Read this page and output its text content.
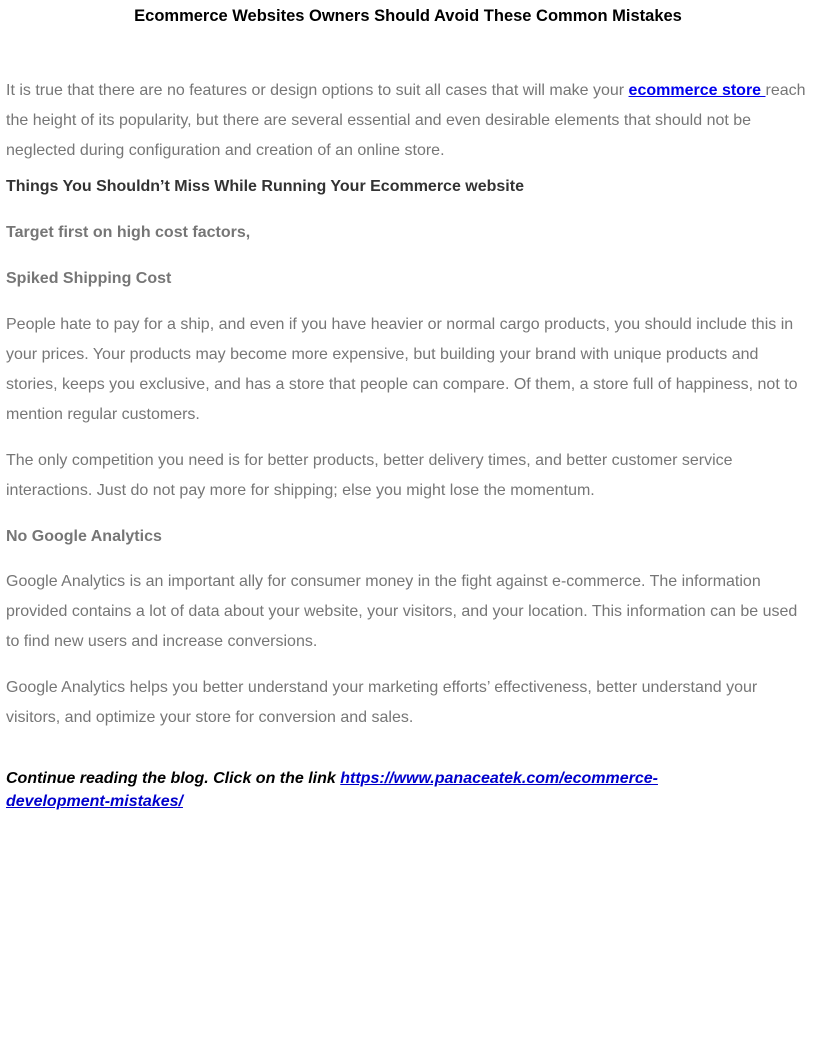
Ecommerce Websites Owners Should Avoid These Common Mistakes

It is true that there are no features or design options to suit all cases that will make your ecommerce store reach the height of its popularity, but there are several essential and even desirable elements that should not be neglected during configuration and creation of an online store.

Things You Shouldn’t Miss While Running Your Ecommerce website
Target first on high cost factors,
Spiked Shipping Cost

People hate to pay for a ship, and even if you have heavier or normal cargo products, you should include this in your prices. Your products may become more expensive, but building your brand with unique products and stories, keeps you exclusive, and has a store that people can compare. Of them, a store full of happiness, not to mention regular customers.

The only competition you need is for better products, better delivery times, and better customer service interactions. Just do not pay more for shipping; else you might lose the momentum.

No Google Analytics

Google Analytics is an important ally for consumer money in the fight against e-commerce. The information provided contains a lot of data about your website, your visitors, and your location. This information can be used to find new users and increase conversions.

Google Analytics helps you better understand your marketing efforts’ effectiveness, better understand your visitors, and optimize your store for conversion and sales.

Continue reading the blog. Click on the link https://www.panaceatek.com/ecommerce-development-mistakes/
